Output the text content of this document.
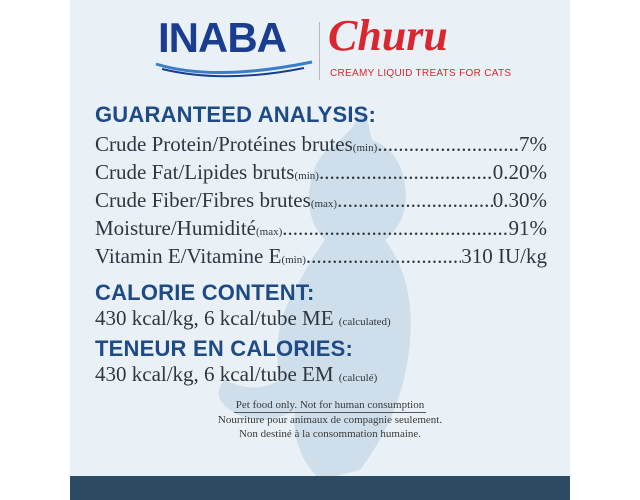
INABA Churu
CREAMY LIQUID TREATS FOR CATS
GUARANTEED ANALYSIS:
Crude Protein/Protéines brutes (min) .....	7%
Crude Fat/Lipides bruts (min) .....	0.20%
Crude Fiber/Fibres brutes (max) .....	0.30%
Moisture/Humidité (max) .....	91%
Vitamin E/Vitamine E (min) .....	310 IU/kg
CALORIE CONTENT:
430 kcal/kg, 6 kcal/tube ME (calculated)
TENEUR EN CALORIES:
430 kcal/kg, 6 kcal/tube EM (calculé)
Pet food only. Not for human consumption
Nourriture pour animaux de compagnie seulement.
Non destiné à la consommation humaine.
